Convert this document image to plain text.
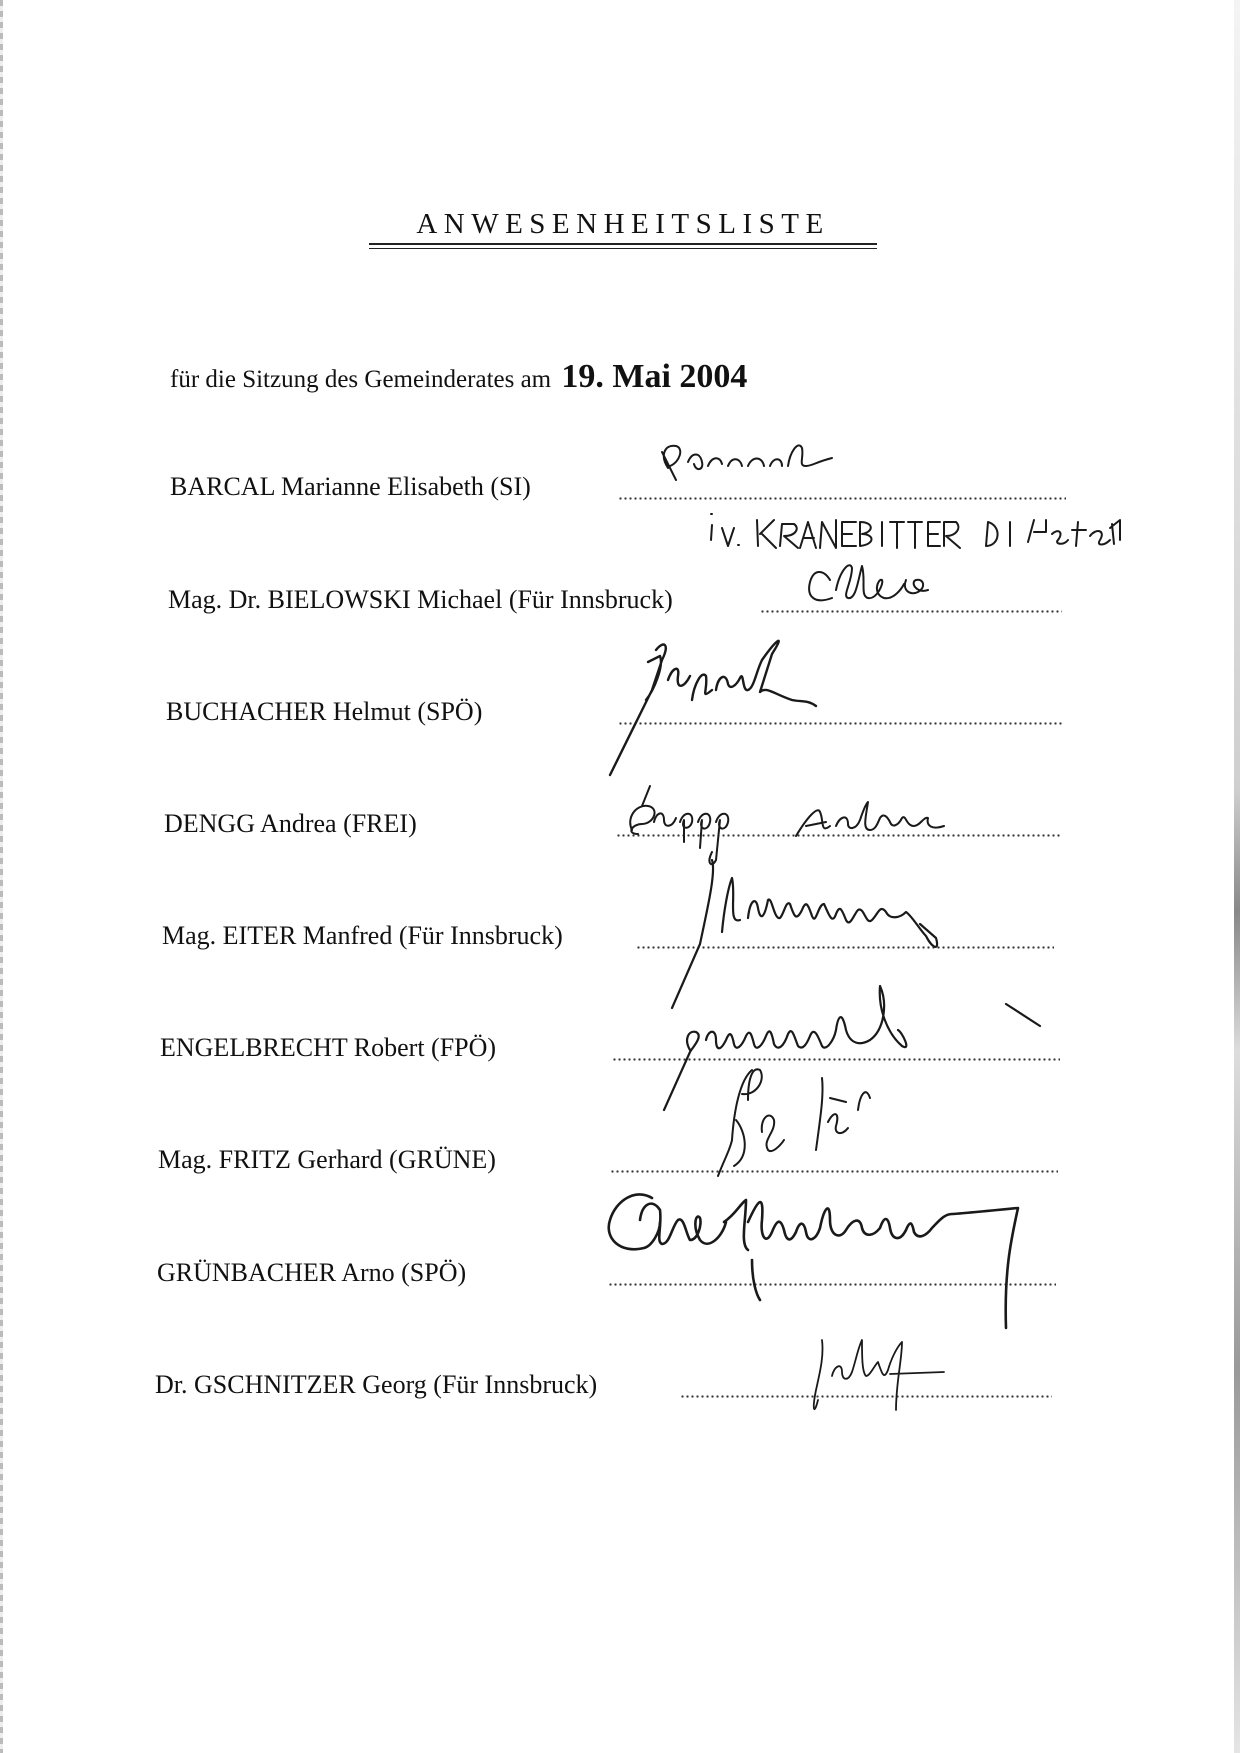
ANWESENHEITSLISTE
für die Sitzung des Gemeinderates am 19. Mai 2004
BARCAL Marianne Elisabeth (SI)
Mag. Dr. BIELOWSKI Michael (Für Innsbruck)
BUCHACHER Helmut (SPÖ)
DENGG Andrea (FREI)
Mag. EITER Manfred (Für Innsbruck)
ENGELBRECHT Robert (FPÖ)
Mag. FRITZ Gerhard (GRÜNE)
GRÜNBACHER Arno (SPÖ)
Dr. GSCHNITZER Georg (Für Innsbruck)
